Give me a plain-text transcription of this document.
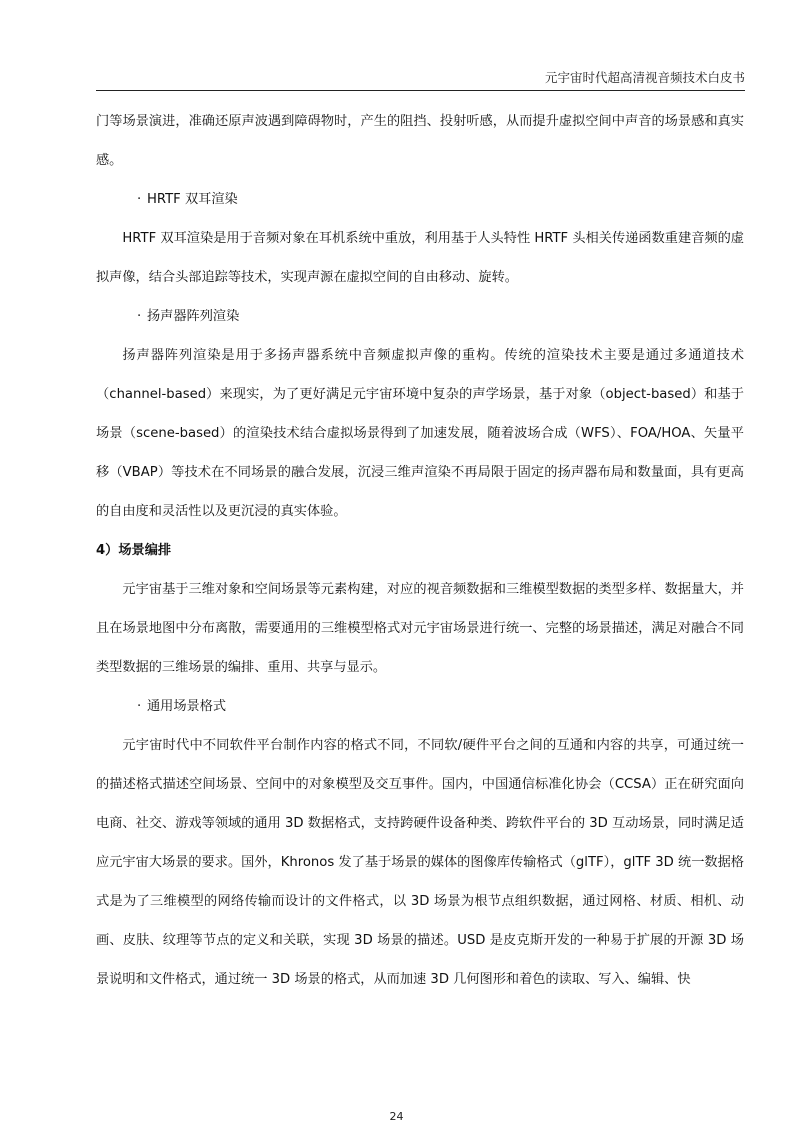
元宇宙时代超高清视音频技术白皮书

门等场景演进，准确还原声波遇到障碍物时，产生的阻挡、投射听感，从而提升虚拟空间中声音的场景感和真实感。

· HRTF 双耳渲染

HRTF 双耳渲染是用于音频对象在耳机系统中重放，利用基于人头特性 HRTF 头相关传递函数重建音频的虚拟声像，结合头部追踪等技术，实现声源在虚拟空间的自由移动、旋转。

· 扬声器阵列渲染

扬声器阵列渲染是用于多扬声器系统中音频虚拟声像的重构。传统的渲染技术主要是通过多通道技术（channel-based）来现实，为了更好满足元宇宙环境中复杂的声学场景，基于对象（object-based）和基于场景（scene-based）的渲染技术结合虚拟场景得到了加速发展，随着波场合成（WFS）、FOA/HOA、矢量平移（VBAP）等技术在不同场景的融合发展，沉浸三维声渲染不再局限于固定的扬声器布局和数量面，具有更高的自由度和灵活性以及更沉浸的真实体验。

4）场景编排

元宇宙基于三维对象和空间场景等元素构建，对应的视音频数据和三维模型数据的类型多样、数据量大，并且在场景地图中分布离散，需要通用的三维模型格式对元宇宙场景进行统一、完整的场景描述，满足对融合不同类型数据的三维场景的编排、重用、共享与显示。

· 通用场景格式

元宇宙时代中不同软件平台制作内容的格式不同，不同软/硬件平台之间的互通和内容的共享，可通过统一的描述格式描述空间场景、空间中的对象模型及交互事件。国内，中国通信标准化协会（CCSA）正在研究面向电商、社交、游戏等领域的通用 3D 数据格式，支持跨硬件设备种类、跨软件平台的 3D 互动场景，同时满足适应元宇宙大场景的要求。国外，Khronos 发了基于场景的媒体的图像库传输格式（glTF），glTF 3D 统一数据格式是为了三维模型的网络传输而设计的文件格式，以 3D 场景为根节点组织数据，通过网格、材质、相机、动画、皮肤、纹理等节点的定义和关联，实现 3D 场景的描述。USD 是皮克斯开发的一种易于扩展的开源 3D 场景说明和文件格式，通过统一 3D 场景的格式，从而加速 3D 几何图形和着色的读取、写入、编辑、快

24
